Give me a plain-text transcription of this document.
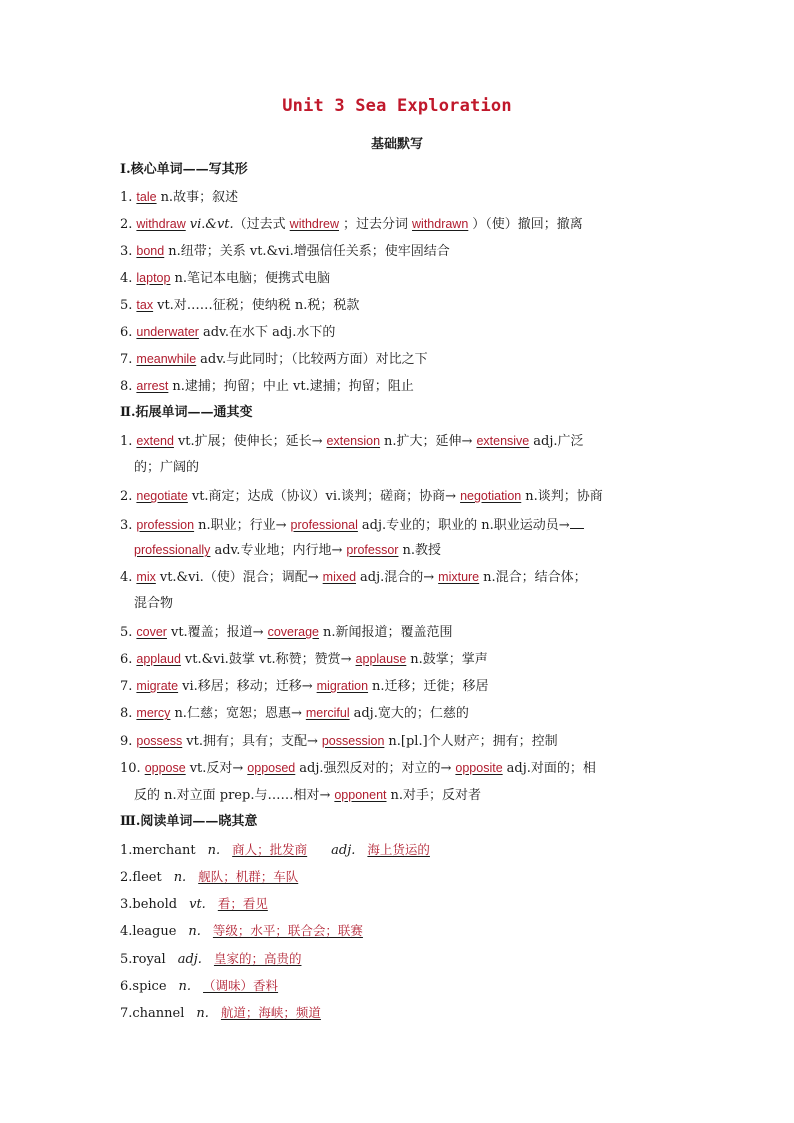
Unit 3 Sea Exploration
基础默写
Ⅰ.核心单词——写其形
1. tale n.故事；叙述
2. withdraw vi.&vt.（过去式 withdrew ；过去分词 withdrawn ）（使）撤回；撤离
3. bond n.纽带；关系 vt.&vi.增强信任关系；使牢固结合
4. laptop n.笔记本电脑；便携式电脑
5. tax vt.对……征税；使纳税 n.税；税款
6. underwater adv.在水下 adj.水下的
7. meanwhile adv.与此同时；（比较两方面）对比之下
8. arrest n.逮捕；拘留；中止 vt.逮捕；拘留；阻止
Ⅱ.拓展单词——通其变
1. extend vt.扩展；使伸长；延长→ extension n.扩大；延伸→ extensive adj.广泛
的；广阔的
2. negotiate vt.商定；达成（协议）vi.谈判；磋商；协商→ negotiation n.谈判；协商
3. profession n.职业；行业→ professional adj.专业的；职业的 n.职业运动员→
professionally adv.专业地；内行地→ professor n.教授
4. mix vt.&vi.（使）混合；调配→ mixed adj.混合的→ mixture n.混合；结合体；
混合物
5. cover vt.覆盖；报道→ coverage n.新闻报道；覆盖范围
6. applaud vt.&vi.鼓掌 vt.称赞；赞赏→ applause n.鼓掌；掌声
7. migrate vi.移居；移动；迁移→ migration n.迁移；迁徙；移居
8. mercy n.仁慈；宽恕；恩惠→ merciful adj.宽大的；仁慈的
9. possess vt.拥有；具有；支配→ possession n.[pl.]个人财产；拥有；控制
10. oppose vt.反对→ opposed adj.强烈反对的；对立的→ opposite adj.对面的；相
反的 n.对立面 prep.与……相对→ opponent n.对手；反对者
Ⅲ.阅读单词——晓其意
1.merchant n. 商人；批发商 adj. 海上货运的
2.fleet n. 舰队；机群；车队
3.behold vt. 看；看见
4.league n. 等级；水平；联合会；联赛
5.royal adj. 皇家的；高贵的
6.spice n. （调味）香料
7.channel n. 航道；海峡；频道
